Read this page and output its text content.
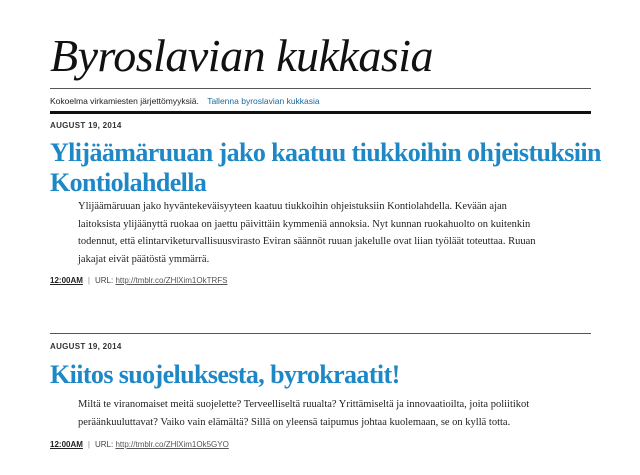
Byroslavian kukkasia
Kokoelma virkamiesten järjettömyyksiä. Tallenna byroslavian kukkasia
AUGUST 19, 2014
Ylijäämäruuan jako kaatuu tiukkoihin ohjeistuksiin Kontiolahdella

Ylijäämäruuan jako hyväntekeväisyyteen kaatuu tiukkoihin ohjeistuksiin Kontiolahdella. Kevään ajan laitoksista ylijäänyttä ruokaa on jaettu päivittäin kymmeniä annoksia. Nyt kunnan ruokahuolto on kuitenkin todennut, että elintarviketurvallisuusvirasto Eviran säännöt ruuan jakelulle ovat liian työläät toteuttaa. Ruuan jakajat eivät päätöstä ymmärrä.

12:00AM | URL: http://tmblr.co/ZHlXim1OkTRFS
AUGUST 19, 2014
Kiitos suojeluksesta, byrokraatit!

Miltä te viranomaiset meitä suojelette? Terveelliseltä ruualta? Yrittämiseltä ja innovaatioilta, joita poliitikot peräänkuuluttavat? Vaiko vain elämältä? Sillä on yleensä taipumus johtaa kuolemaan, se on kyllä totta.

12:00AM | URL: http://tmblr.co/ZHlXim1Ok5GYO
